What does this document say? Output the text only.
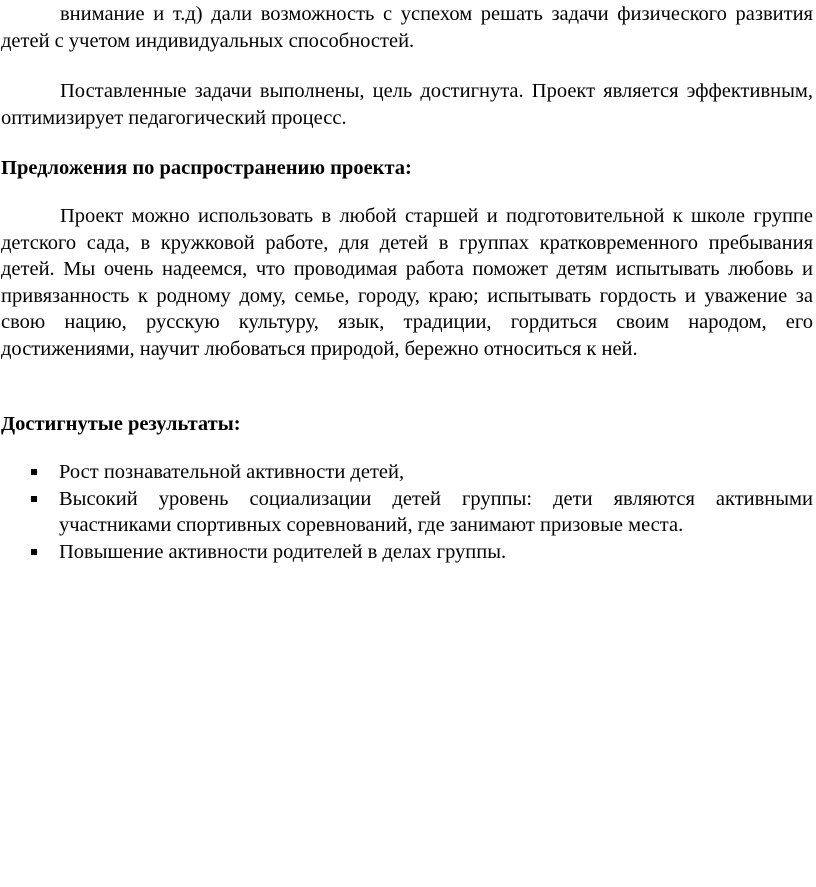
внимание и т.д) дали возможность с успехом решать задачи физического развития детей с учетом индивидуальных способностей.

Поставленные задачи выполнены, цель достигнута. Проект является эффективным, оптимизирует педагогический процесс.

Предложения по распространению проекта:

Проект можно использовать в любой старшей и подготовительной к школе группе детского сада, в кружковой работе, для детей в группах кратковременного пребывания детей. Мы очень надеемся, что проводимая работа поможет детям испытывать любовь и привязанность к родному дому, семье, городу, краю; испытывать гордость и уважение за свою нацию, русскую культуру, язык, традиции, гордиться своим народом, его достижениями, научит любоваться природой, бережно относиться к ней.

Достигнутые результаты:
Рост познавательной активности детей,
Высокий уровень социализации детей группы: дети являются активными участниками спортивных соревнований, где занимают призовые места.
Повышение активности родителей в делах группы.
